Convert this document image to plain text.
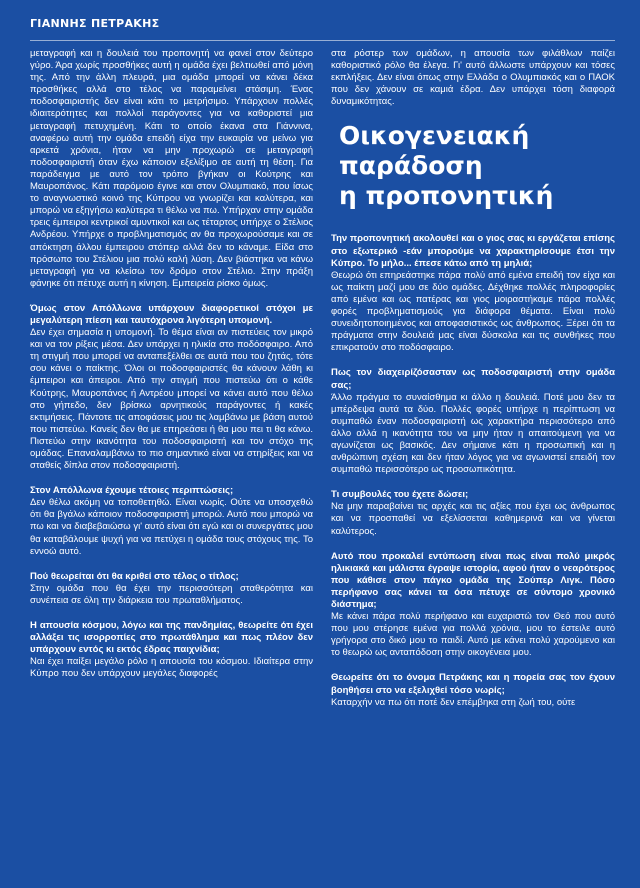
ΓΙΑΝΝΗΣ ΠΕΤΡΑΚΗΣ

μεταγραφή και η δουλειά του προπονητή να φανεί στον δεύτερο γύρο. Άρα χωρίς προσθήκες αυτή η ομάδα έχει βελτιωθεί από μόνη της. Από την άλλη πλευρά, μια ομάδα μπορεί να κάνει δέκα προσθήκες αλλά στο τέλος να παραμείνει στάσιμη. Ένας ποδοσφαιριστής δεν είναι κάτι το μετρήσιμο. Υπάρχουν πολλές ιδιαιτερότητες και πολλοί παράγοντες για να καθοριστεί μια μεταγραφή πετυχημένη. Κάτι το οποίο έκανα στα Γιάννινα, αναφέρω αυτή την ομάδα επειδή είχα την ευκαιρία να μείνω για αρκετά χρόνια, ήταν να μην προχωρώ σε μεταγραφή ποδοσφαιριστή όταν έχω κάποιον εξελίξιμο σε αυτή τη θέση. Για παράδειγμα με αυτό τον τρόπο βγήκαν οι Κούτρης και Μαυροπάνος. Κάτι παρόμοιο έγινε και στον Ολυμπιακό, που ίσως το αναγνωστικό κοινό της Κύπρου να γνωρίζει και καλύτερα, και μπορώ να εξηγήσω καλύτερα τι θέλω να πω. Υπήρχαν στην ομάδα τρεις έμπειροι κεντρικοί αμυντικοί και ως τέταρτος υπήρχε ο Στέλιος Ανδρέου. Υπήρχε ο προβληματισμός αν θα προχωρούσαμε και σε απόκτηση άλλου έμπειρου στόπερ αλλά δεν το κάναμε. Είδα στο πρόσωπο του Στέλιου μια πολύ καλή λύση. Δεν βιάστηκα να κάνω μεταγραφή για να κλείσω τον δρόμο στον Στέλιο. Στην πράξη φάνηκε ότι πέτυχε αυτή η κίνηση. Εμπειρεία ρίσκο όμως.

Όμως στον Απόλλωνα υπάρχουν διαφορετικοί στόχοι με μεγαλύτερη πίεση και ταυτόχρονα λιγότερη υπομονή.

Δεν έχει σημασία η υπομονή. Το θέμα είναι αν πιστεύεις τον μικρό και να τον ρίξεις μέσα. Δεν υπάρχει η ηλικία στο ποδόσφαιρο. Από τη στιγμή που μπορεί να ανταπεξέλθει σε αυτά που του ζητάς, τότε σου κάνει ο παίκτης. Όλοι οι ποδοσφαιριστές θα κάνουν λάθη κι έμπειροι και άπειροι. Από την στιγμή που πιστεύω ότι ο κάθε Κούτρης, Μαυροπάνος ή Αντρέου μπορεί να κάνει αυτό που θέλω στο γήπεδο, δεν βρίσκω αρνητικούς παράγοντες ή κακές εκτιμήσεις. Πάντοτε τις αποφάσεις μου τις λαμβάνω με βάση αυτού που πιστεύω. Κανείς δεν θα με επηρεάσει ή θα μου πει τι θα κάνω. Πιστεύω στην ικανότητα του ποδοσφαιριστή και τον στόχο της ομάδας. Επαναλαμβάνω το πιο σημαντικό είναι να στηρίξεις και να σταθείς δίπλα στον ποδοσφαιριστή.

Στον Απόλλωνα έχουμε τέτοιες περιπτώσεις;

Δεν θέλω ακόμη να τοποθετηθώ. Είναι νωρίς. Ούτε να υποσχεθώ ότι θα βγάλω κάποιον ποδοσφαιριστή μπορώ. Αυτό που μπορώ να πω και να διαβεβαιώσω γι' αυτό είναι ότι εγώ και οι συνεργάτες μου θα καταβάλουμε ψυχή για να πετύχει η ομάδα τους στόχους της. Το εννοώ αυτό.

Πού θεωρείται ότι θα κριθεί στο τέλος ο τίτλος;

Στην ομάδα που θα έχει την περισσότερη σταθερότητα και συνέπεια σε όλη την διάρκεια του πρωταθλήματος.

Η απουσία κόσμου, λόγω και της πανδημίας, θεωρείτε ότι έχει αλλάξει τις ισορροπίες στο πρωτάθλημα και πως πλέον δεν υπάρχουν εντός κι εκτός έδρας παιχνίδια;

Ναι έχει παίξει μεγάλο ρόλο η απουσία του κόσμου. Ιδιαίτερα στην Κύπρο που δεν υπάρχουν μεγάλες διαφορές

στα ρόστερ των ομάδων, η απουσία των φιλάθλων παίζει καθοριστικό ρόλο θα έλεγα. Γι' αυτό άλλωστε υπάρχουν και τόσες εκπλήξεις. Δεν είναι όπως στην Ελλάδα ο Ολυμπιακός και ο ΠΑΟΚ που δεν χάνουν σε καμιά έδρα. Δεν υπάρχει τόση διαφορά δυναμικότητας.

Οικογενειακή
παράδοση
η προπονητική

Την προπονητική ακολουθεί και ο γιος σας κι εργάζεται επίσης στο εξωτερικό -εάν μπορούμε να χαρακτηρίσουμε έτσι την Κύπρο. Το μήλο... έπεσε κάτω από τη μηλιά;

Θεωρώ ότι επηρεάστηκε πάρα πολύ από εμένα επειδή τον είχα και ως παίκτη μαζί μου σε δύο ομάδες. Δέχθηκε πολλές πληροφορίες από εμένα και ως πατέρας και γιος μοιραστήκαμε πάρα πολλές φορές προβληματισμούς για διάφορα θέματα. Είναι πολύ συνειδητοποιημένος και αποφασιστικός ως άνθρωπος. Ξέρει ότι τα πράγματα στην δουλειά μας είναι δύσκολα και τις συνθήκες που επικρατούν στο ποδόσφαιρο.

Πως τον διαχειρίζόσασταν ως ποδοσφαιριστή στην ομάδα σας;

Άλλο πράγμα το συναίσθημα κι άλλο η δουλειά. Ποτέ μου δεν τα μπέρδεψα αυτά τα δύο. Πολλές φορές υπήρχε η περίπτωση να συμπαθώ έναν ποδοσφαιριστή ως χαρακτήρα περισσότερο από άλλο αλλά η ικανότητα του να μην ήταν η απαιτούμενη για να αγωνίζεται ως βασικός. Δεν σήμαινε κάτι η προσωπική και η ανθρώπινη σχέση και δεν ήταν λόγος για να αγωνιστεί επειδή τον συμπαθώ περισσότερο ως προσωπικότητα.

Τι συμβουλές του έχετε δώσει;

Να μην παραβαίνει τις αρχές και τις αξίες που έχει ως άνθρωπος και να προσπαθεί να εξελίσσεται καθημερινά και να γίνεται καλύτερος.

Αυτό που προκαλεί εντύπωση είναι πως είναι πολύ μικρός ηλικιακά και μάλιστα έγραψε ιστορία, αφού ήταν ο νεαρότερος που κάθισε στον πάγκο ομάδα της Σούπερ Λιγκ. Πόσο περήφανο σας κάνει τα όσα πέτυχε σε σύντομο χρονικό διάστημα;

Με κάνει πάρα πολύ περήφανο και ευχαριστώ τον Θεό που αυτό που μου στέρησε εμένα για πολλά χρόνια, μου το έστειλε αυτό γρήγορα στο δικό μου το παιδί. Αυτό με κάνει πολύ χαρούμενο και το θεωρώ ως ανταπόδοση στην οικογένεια μου.

Θεωρείτε ότι το όνομα Πετράκης και η πορεία σας τον έχουν βοηθήσει στο να εξελιχθεί τόσο νωρίς;

Καταρχήν να πω ότι ποτέ δεν επέμβηκα στη ζωή του, ούτε
